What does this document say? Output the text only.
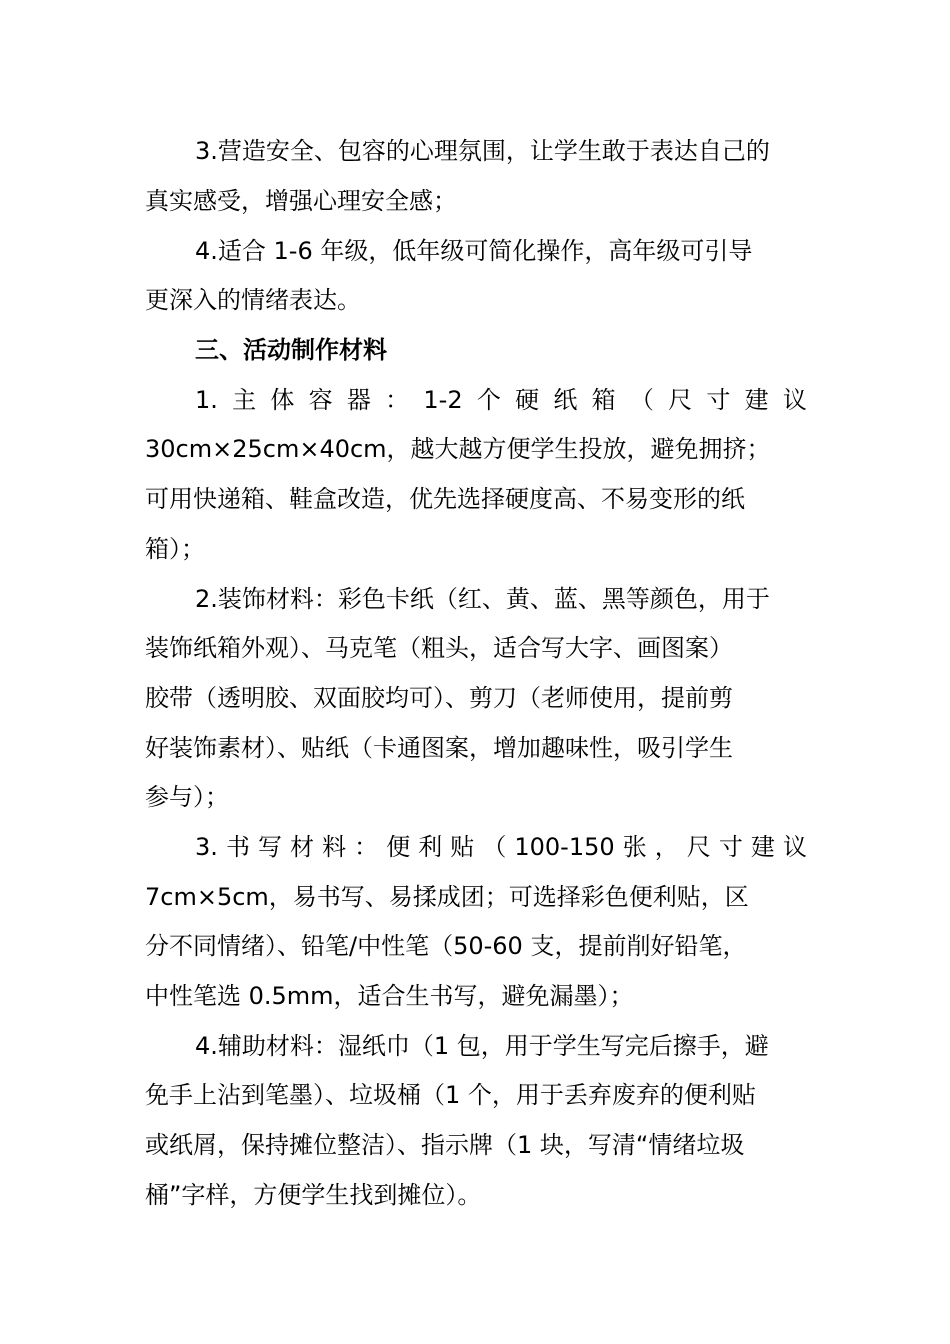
3.营造安全、包容的心理氛围，让学生敢于表达自己的
真实感受，增强心理安全感；
4.适合 1-6 年级，低年级可简化操作，高年级可引导
更深入的情绪表达。
三、活动制作材料
1. 主 体 容 器 ： 1-2 个 硬 纸 箱 （ 尺 寸 建 议
30cm×25cm×40cm，越大越方便学生投放，避免拥挤；
可用快递箱、鞋盒改造，优先选择硬度高、不易变形的纸
箱）；
2.装饰材料：彩色卡纸（红、黄、蓝、黑等颜色，用于
装饰纸箱外观）、马克笔（粗头，适合写大字、画图案）
胶带（透明胶、双面胶均可）、剪刀（老师使用，提前剪
好装饰素材）、贴纸（卡通图案，增加趣味性，吸引学生
参与）；
3. 书 写 材 料 ： 便 利 贴 （ 100-150 张 ， 尺 寸 建 议
7cm×5cm，易书写、易揉成团；可选择彩色便利贴，区
分不同情绪）、铅笔/中性笔（50-60 支，提前削好铅笔，
中性笔选 0.5mm，适合生书写，避免漏墨）；
4.辅助材料：湿纸巾（1 包，用于学生写完后擦手，避
免手上沾到笔墨）、垃圾桶（1 个，用于丢弃废弃的便利贴
或纸屑，保持摊位整洁）、指示牌（1 块，写清“情绪垃圾
桶”字样，方便学生找到摊位）。
